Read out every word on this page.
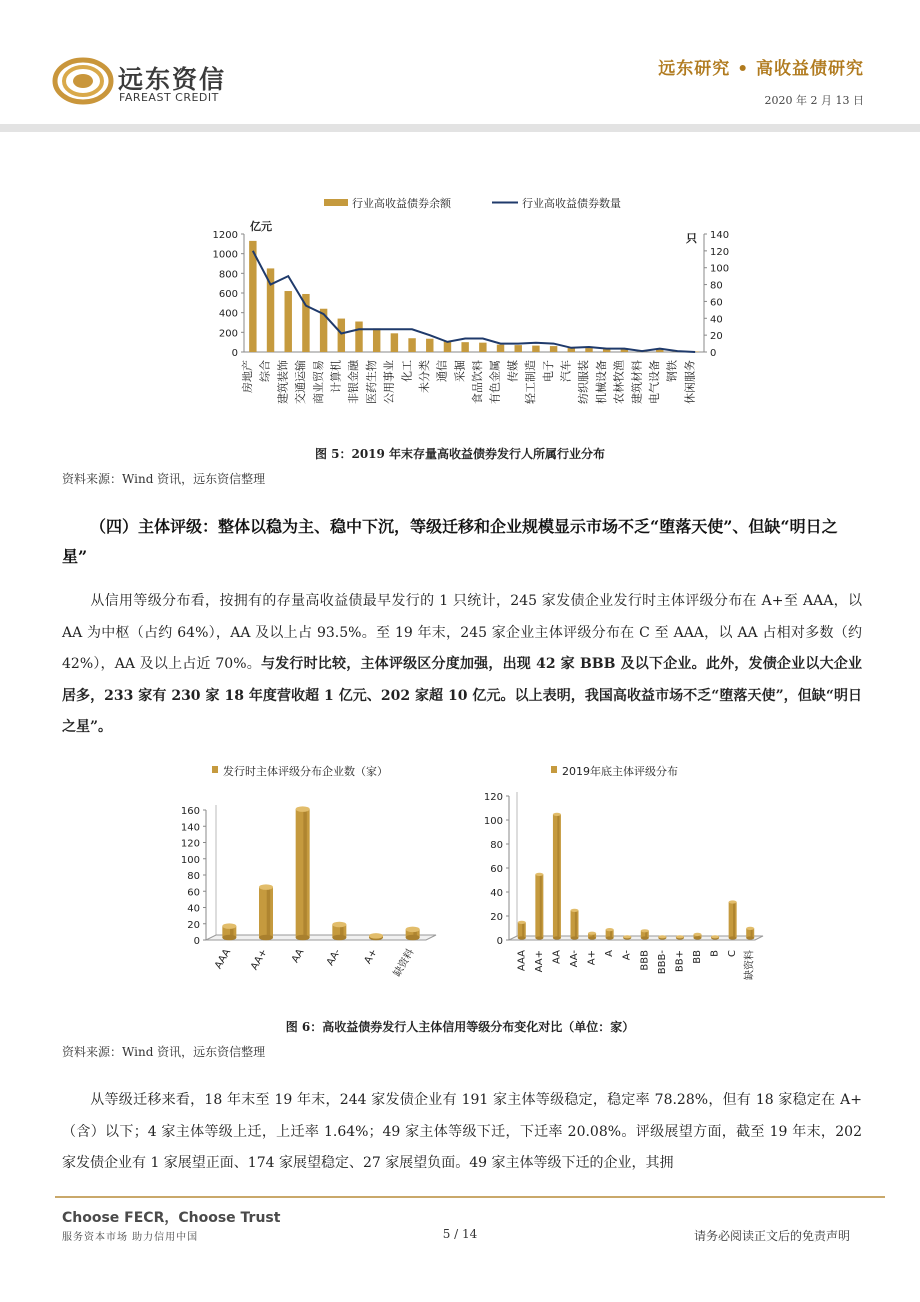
远东资信
FAREAST CREDIT
远东研究 • 高收益债研究
2020 年 2 月 13 日
行业高收益债券余额	行业高收益债券数量
亿元
只
0
200
400
600
800
1000
1200
0
20
40
60
80
100
120
140
房地产 综合 建筑装饰 交通运输 商业贸易 计算机 非银金融 医药生物 公用事业 化工 未分类 通信 采掘 食品饮料 有色金属 传媒 轻工制造 电子 汽车 纺织服装 机械设备 农林牧渔 建筑材料 电气设备 钢铁 休闲服务
图 5：2019 年末存量高收益债券发行人所属行业分布
资料来源：Wind 资讯，远东资信整理
（四）主体评级：整体以稳为主、稳中下沉，等级迁移和企业规模显示市场不乏“堕落天使”、但缺“明日之星”
从信用等级分布看，按拥有的存量高收益债最早发行的 1 只统计，245 家发债企业发行时主体评级分布在 A+至 AAA，以 AA 为中枢（占约 64%），AA 及以上占 93.5%。至 19 年末，245 家企业主体评级分布在 C 至 AAA，以 AA 占相对多数（约 42%），AA 及以上占近 70%。与发行时比较，主体评级区分度加强，出现 42 家 BBB 及以下企业。此外，发债企业以大企业居多，233 家有 230 家 18 年度营收超 1 亿元、202 家超 10 亿元。以上表明，我国高收益市场不乏“堕落天使”，但缺“明日之星”。
发行时主体评级分布企业数（家）
0
20
40
60
80
100
120
140
160
AAA AA+ AA AA- A+ 缺资料
2019年底主体评级分布
0
20
40
60
80
100
120
AAA AA+ AA AA- A+ A A- BBB BBB- BB+ BB B C 缺资料
图 6：高收益债券发行人主体信用等级分布变化对比（单位：家）
资料来源：Wind 资讯，远东资信整理
从等级迁移来看，18 年末至 19 年末，244 家发债企业有 191 家主体等级稳定，稳定率 78.28%，但有 18 家稳定在 A+（含）以下；4 家主体等级上迁，上迁率 1.64%；49 家主体等级下迁，下迁率 20.08%。评级展望方面，截至 19 年末，202 家发债企业有 1 家展望正面、174 家展望稳定、27 家展望负面。49 家主体等级下迁的企业，其拥
Choose FECR，Choose Trust
服务资本市场 助力信用中国	5 / 14	请务必阅读正文后的免责声明
